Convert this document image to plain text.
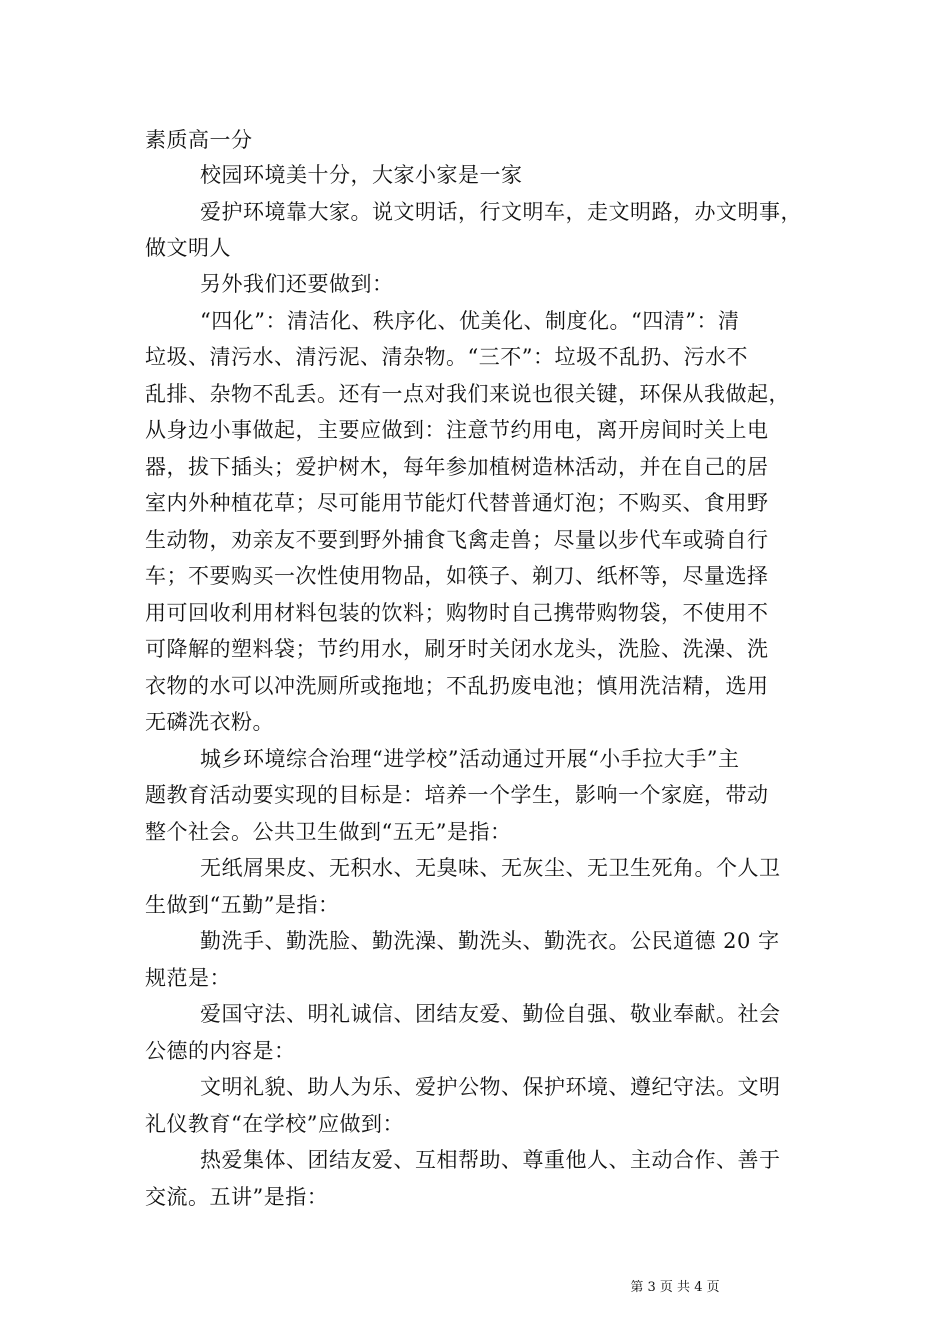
素质高一分
校园环境美十分，大家小家是一家
爱护环境靠大家。说文明话，行文明车，走文明路，办文明事，
做文明人
另外我们还要做到：
“四化”：清洁化、秩序化、优美化、制度化。“四清”：清
垃圾、清污水、清污泥、清杂物。“三不”：垃圾不乱扔、污水不
乱排、杂物不乱丢。还有一点对我们来说也很关键，环保从我做起，
从身边小事做起，主要应做到：注意节约用电，离开房间时关上电
器，拔下插头；爱护树木，每年参加植树造林活动，并在自己的居
室内外种植花草；尽可能用节能灯代替普通灯泡；不购买、食用野
生动物，劝亲友不要到野外捕食飞禽走兽；尽量以步代车或骑自行
车；不要购买一次性使用物品，如筷子、剃刀、纸杯等，尽量选择
用可回收利用材料包装的饮料；购物时自己携带购物袋，不使用不
可降解的塑料袋；节约用水，刷牙时关闭水龙头，洗脸、洗澡、洗
衣物的水可以冲洗厕所或拖地；不乱扔废电池；慎用洗洁精，选用
无磷洗衣粉。
城乡环境综合治理“进学校”活动通过开展“小手拉大手”主
题教育活动要实现的目标是：培养一个学生，影响一个家庭，带动
整个社会。公共卫生做到“五无”是指：
无纸屑果皮、无积水、无臭味、无灰尘、无卫生死角。个人卫
生做到“五勤”是指：
勤洗手、勤洗脸、勤洗澡、勤洗头、勤洗衣。公民道德 20 字
规范是：
爱国守法、明礼诚信、团结友爱、勤俭自强、敬业奉献。社会
公德的内容是：
文明礼貌、助人为乐、爱护公物、保护环境、遵纪守法。文明
礼仪教育“在学校”应做到：
热爱集体、团结友爱、互相帮助、尊重他人、主动合作、善于
交流。五讲”是指：
第 3 页 共 4 页
